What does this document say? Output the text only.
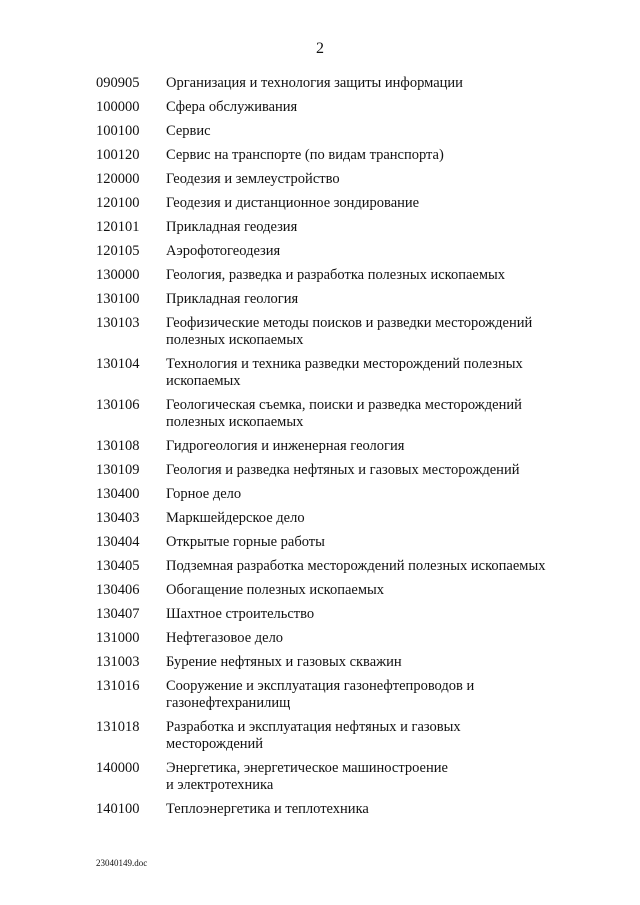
2
090905	Организация и технология защиты информации
100000	Сфера обслуживания
100100	Сервис
100120	Сервис на транспорте (по видам транспорта)
120000	Геодезия и землеустройство
120100	Геодезия и дистанционное зондирование
120101	Прикладная геодезия
120105	Аэрофотогеодезия
130000	Геология, разведка и разработка полезных ископаемых
130100	Прикладная геология
130103	Геофизические методы поисков и разведки месторождений
полезных ископаемых
130104	Технология и техника разведки месторождений полезных
ископаемых
130106	Геологическая съемка, поиски и разведка месторождений
полезных ископаемых
130108	Гидрогеология и инженерная геология
130109	Геология и разведка нефтяных и газовых месторождений
130400	Горное дело
130403	Маркшейдерское дело
130404	Открытые горные работы
130405	Подземная разработка месторождений полезных ископаемых
130406	Обогащение полезных ископаемых
130407	Шахтное строительство
131000	Нефтегазовое дело
131003	Бурение нефтяных и газовых скважин
131016	Сооружение и эксплуатация газонефтепроводов и
газонефтехранилищ
131018	Разработка и эксплуатация нефтяных и газовых
месторождений
140000	Энергетика, энергетическое машиностроение
и электротехника
140100	Теплоэнергетика и теплотехника
23040149.doc
